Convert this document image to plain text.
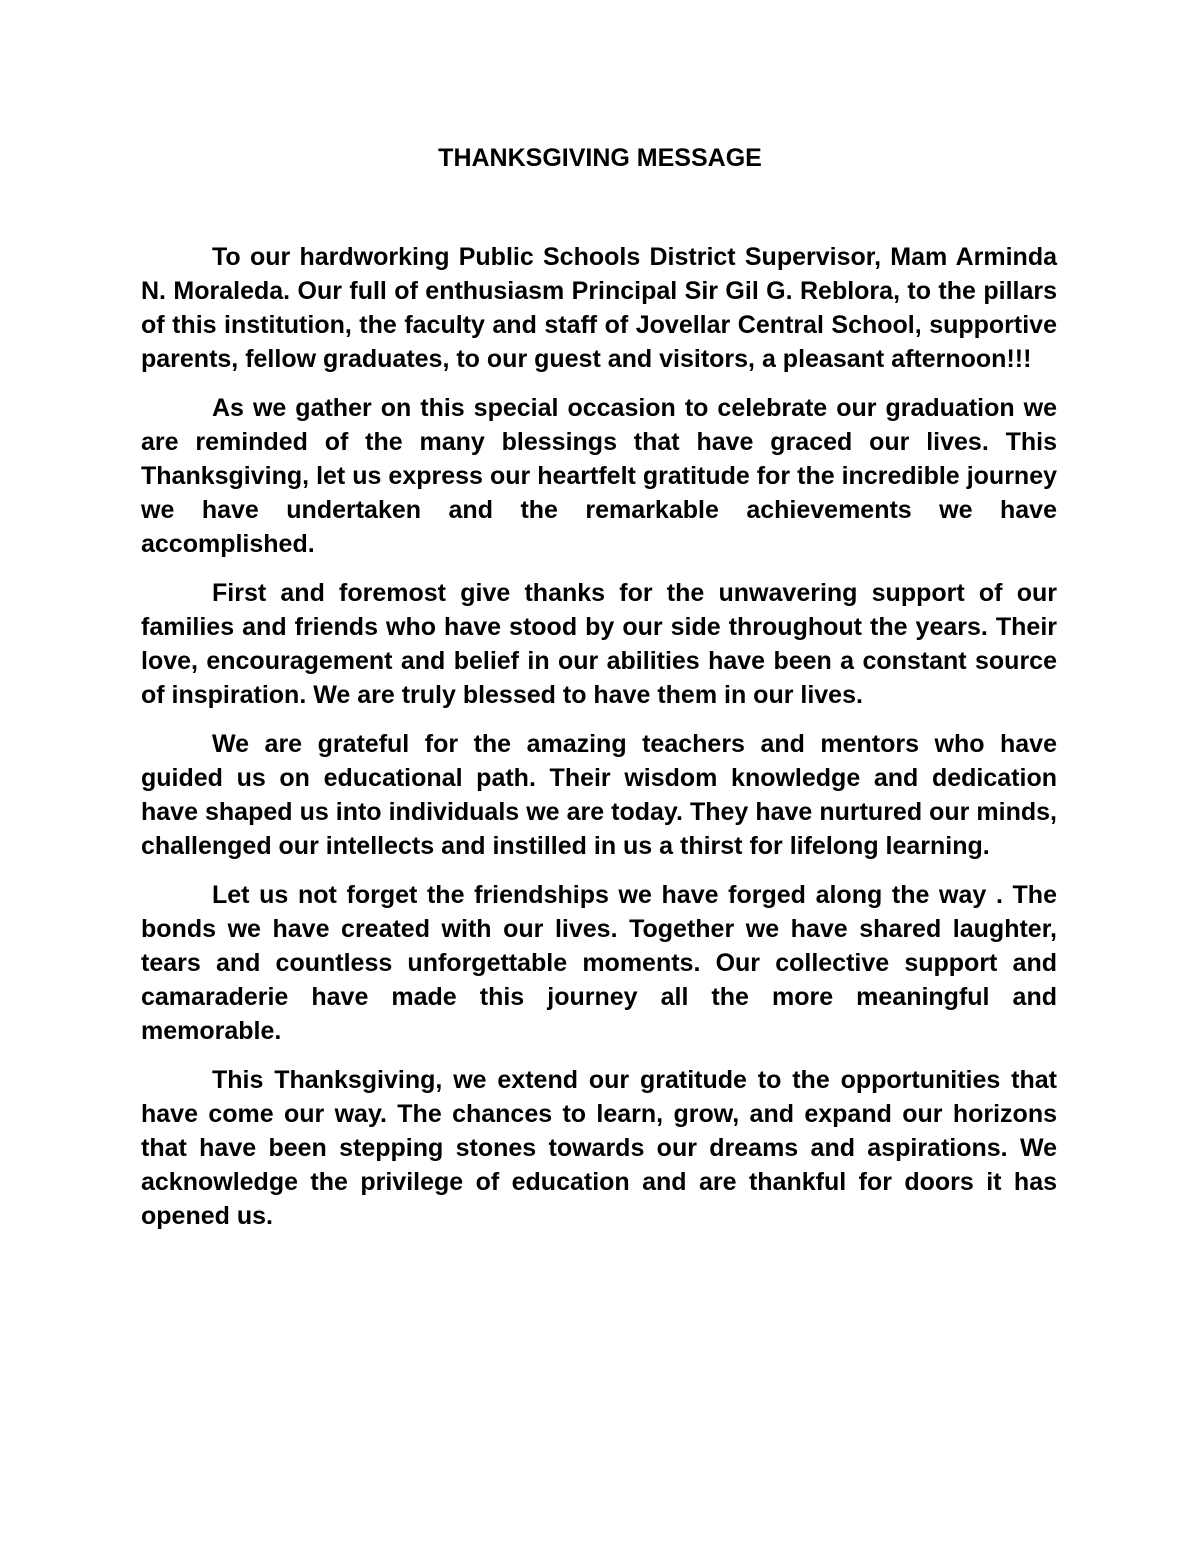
THANKSGIVING MESSAGE

To our hardworking Public Schools District Supervisor, Mam Arminda N. Moraleda. Our full of enthusiasm Principal Sir Gil G. Reblora, to the pillars of this institution, the faculty and staff of Jovellar Central School, supportive parents, fellow graduates, to our guest and visitors, a pleasant afternoon!!!

As we gather on this special occasion to celebrate our graduation we are reminded of the many blessings that have graced our lives. This Thanksgiving, let us express our heartfelt gratitude for the incredible journey we have undertaken and the remarkable achievements we have accomplished.

First and foremost give thanks for the unwavering support of our families and friends who have stood by our side throughout the years. Their love, encouragement and belief in our abilities have been a constant source of inspiration. We are truly blessed to have them in our lives.

We are grateful for the amazing teachers and mentors who have guided us on educational path. Their wisdom knowledge and dedication have shaped us into individuals we are today. They have nurtured our minds, challenged our intellects and instilled in us a thirst for lifelong learning.

Let us not forget the friendships we have forged along the way . The bonds we have created with our lives. Together we have shared laughter, tears and countless unforgettable moments. Our collective support and camaraderie have made this journey all the more meaningful and memorable.

This Thanksgiving, we extend our gratitude to the opportunities that have come our way. The chances to learn, grow, and expand our horizons that have been stepping stones towards our dreams and aspirations. We acknowledge the privilege of education and are thankful for doors it has opened us.
